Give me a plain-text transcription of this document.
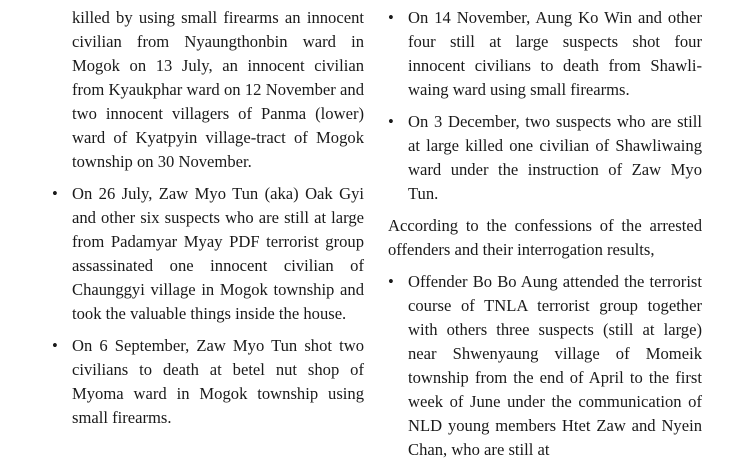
killed by using small firearms an innocent civilian from Nyaungthonbin ward in Mogok on 13 July, an innocent civilian from Kyaukphar ward on 12 November and two innocent villagers of Panma (lower) ward of Kyatpyin village-tract of Mogok township on 30 November.
• On 26 July, Zaw Myo Tun (aka) Oak Gyi and other six suspects who are still at large from Padamyar Myay PDF terrorist group assassinated one innocent civilian of Chaunggyi village in Mogok township and took the valuable things inside the house.
• On 6 September, Zaw Myo Tun shot two civilians to death at betel nut shop of Myoma ward in Mogok township using small firearms.
• On 14 November, Aung Ko Win and other four still at large suspects shot four innocent civilians to death from Shawliwaing ward using small firearms.
• On 3 December, two suspects who are still at large killed one civilian of Shawliwaing ward under the instruction of Zaw Myo Tun.

According to the confessions of the arrested offenders and their interrogation results,

• Offender Bo Bo Aung attended the terrorist course of TNLA terrorist group together with others three suspects (still at large) near Shwenyaung village of Momeik township from the end of April to the first week of June under the communication of NLD young members Htet Zaw and Nyein Chan, who are still at
